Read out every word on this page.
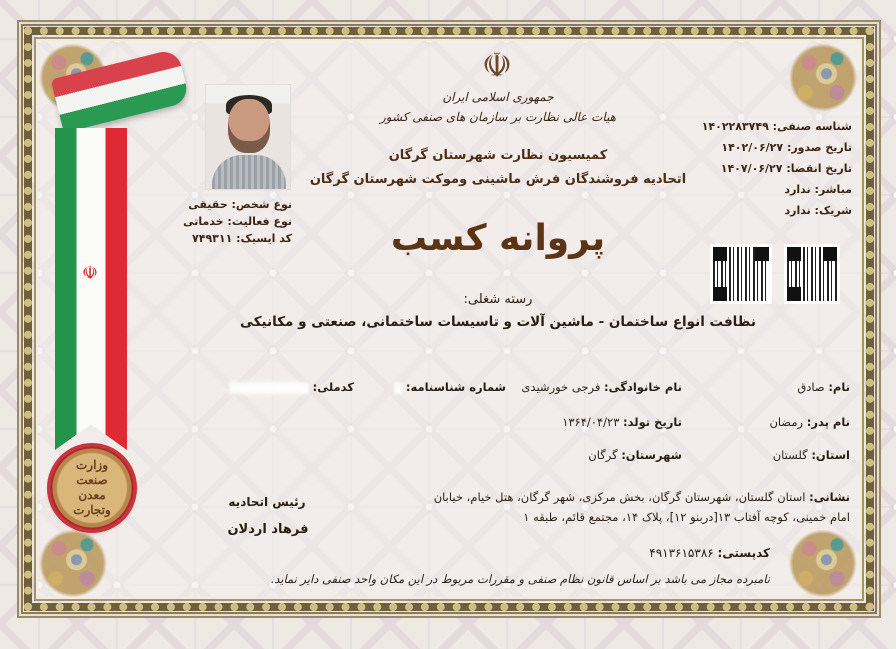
☫
وزارت صنعت معدن وتجارت
نوع شخص: حقیقی
نوع فعالیت: خدماتی
کد ایسیک: ۷۴۹۳۱۱
☫
جمهوری اسلامی ایران
هیات عالی نظارت بر سازمان های صنفی کشور
کمیسیون نظارت شهرستان گرگان
اتحادیه فروشندگان فرش ماشینی وموکت شهرستان گرگان
شناسه صنفی: ۱۴۰۲۲۸۳۷۴۹
تاریخ صدور: ۱۴۰۲/۰۶/۲۷
تاریخ انقضا: ۱۴۰۷/۰۶/۲۷
مباشر: ندارد
شریک: ندارد
پروانه کسب
رسته شغلی:
نظافت انواع ساختمان - ماشین آلات و تاسیسات ساختمانی، صنعتی و مکانیکی
نام: صادق
نام خانوادگی: فرجی خورشیدی
شماره شناسنامه:
کدملی:
نام پدر: رمضان
تاریخ تولد: ۱۳۶۴/۰۴/۲۳
استان: گلستان
شهرستان: گرگان
نشانی: استان گلستان، شهرستان گرگان، بخش مرکزی، شهر گرگان، هتل خیام، خیابان امام خمینی، کوچه آفتاب ۱۳[دربنو ۱۲]، پلاک ۱۴، مجتمع قائم، طبقه ۱
کدپستی: ۴۹۱۳۶۱۵۳۸۶
نامبرده مجاز می باشد بر اساس قانون نظام صنفی و مقررات مربوط در این مکان واحد صنفی دایر نماید.
رئیس اتحادیه
فرهاد اردلان
